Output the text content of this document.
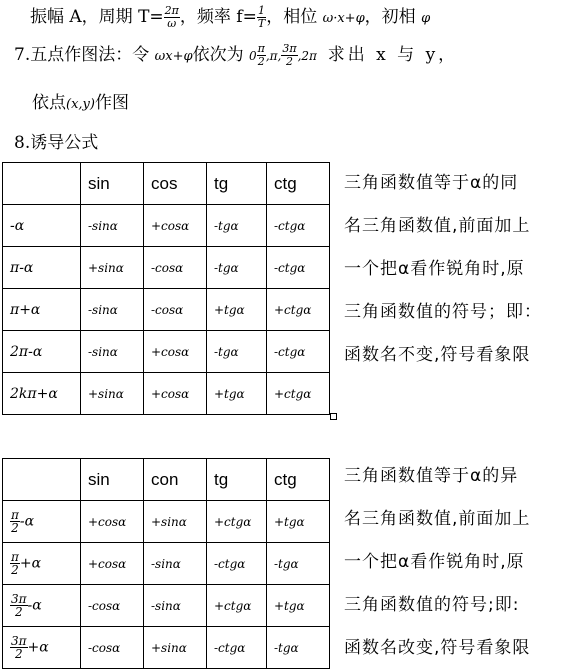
振幅 A，周期 $T= \frac{2\pi}{\omega}$ ，频率 $f= \frac{1}{T}$ ，相位 ω·x+φ，初相 φ
7.五点作图法：令 ωx+φ依次为 $0 \frac{\pi}{2} ,\pi$, $\frac{3\pi}{2} ,2\pi$ 求出 x 与 y，
依点(x,y)作图
8.诱导公式
	sin	cos	tg	ctg
-α	-sinα	+cosα	-tgα	-ctgα
π-α	+sinα	-cosα	-tgα	-ctgα
π+α	-sinα	-cosα	+tgα	+ctgα
2π-α	-sinα	+cosα	-tgα	-ctgα
2kπ+α	+sinα	+cosα	+tgα	+ctgα
三角函数值等于α的同
名三角函数值,前面加上
一个把α看作锐角时,原
三角函数值的符号；即：
函数名不变,符号看象限
	sin	con	tg	ctg

$\frac{\pi}{2} -\alpha$	+cosα	+sinα	+ctgα	+tgα

$\frac{\pi}{2} +\alpha$	+cosα	-sinα	-ctgα	-tgα

$\frac{3\pi}{2} -\alpha$	-cosα	-sinα	+ctgα	+tgα

$\frac{3\pi}{2} +\alpha$	-cosα	+sinα	-ctgα	-tgα
三角函数值等于α的异
名三角函数值,前面加上
一个把α看作锐角时,原
三角函数值的符号;即:
函数名改变,符号看象限
